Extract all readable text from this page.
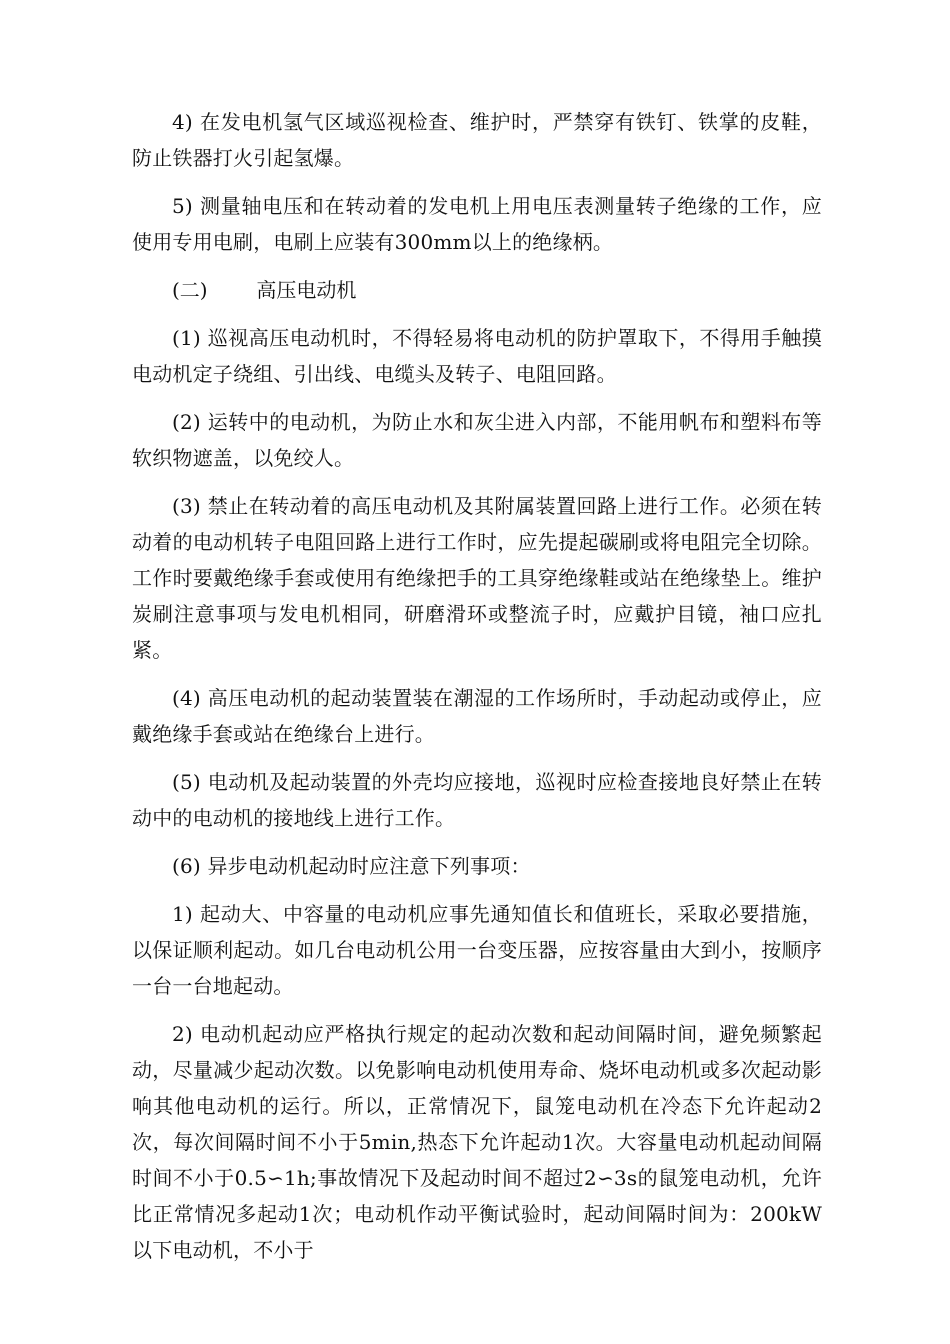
4) 在发电机氢气区域巡视检查、维护时，严禁穿有铁钉、铁掌的皮鞋，防止铁器打火引起氢爆。

5) 测量轴电压和在转动着的发电机上用电压表测量转子绝缘的工作，应使用专用电刷，电刷上应装有300mm以上的绝缘柄。

(二) 高压电动机

(1) 巡视高压电动机时，不得轻易将电动机的防护罩取下，不得用手触摸电动机定子绕组、引出线、电缆头及转子、电阻回路。

(2) 运转中的电动机，为防止水和灰尘进入内部，不能用帆布和塑料布等软织物遮盖，以免绞人。

(3) 禁止在转动着的高压电动机及其附属装置回路上进行工作。必须在转动着的电动机转子电阻回路上进行工作时，应先提起碳刷或将电阻完全切除。工作时要戴绝缘手套或使用有绝缘把手的工具穿绝缘鞋或站在绝缘垫上。维护炭刷注意事项与发电机相同，研磨滑环或整流子时，应戴护目镜，袖口应扎紧。

(4) 高压电动机的起动装置装在潮湿的工作场所时，手动起动或停止，应戴绝缘手套或站在绝缘台上进行。

(5) 电动机及起动装置的外壳均应接地，巡视时应检查接地良好禁止在转动中的电动机的接地线上进行工作。

(6) 异步电动机起动时应注意下列事项：

1) 起动大、中容量的电动机应事先通知值长和值班长，采取必要措施，以保证顺利起动。如几台电动机公用一台变压器，应按容量由大到小，按顺序一台一台地起动。

2) 电动机起动应严格执行规定的起动次数和起动间隔时间，避免频繁起动，尽量减少起动次数。以免影响电动机使用寿命、烧坏电动机或多次起动影响其他电动机的运行。所以，正常情况下，鼠笼电动机在冷态下允许起动2次，每次间隔时间不小于5min,热态下允许起动1次。大容量电动机起动间隔时间不小于0.5∽1h;事故情况下及起动时间不超过2∽3s的鼠笼电动机，允许比正常情况多起动1次；电动机作动平衡试验时，起动间隔时间为：200kW以下电动机，不小于
